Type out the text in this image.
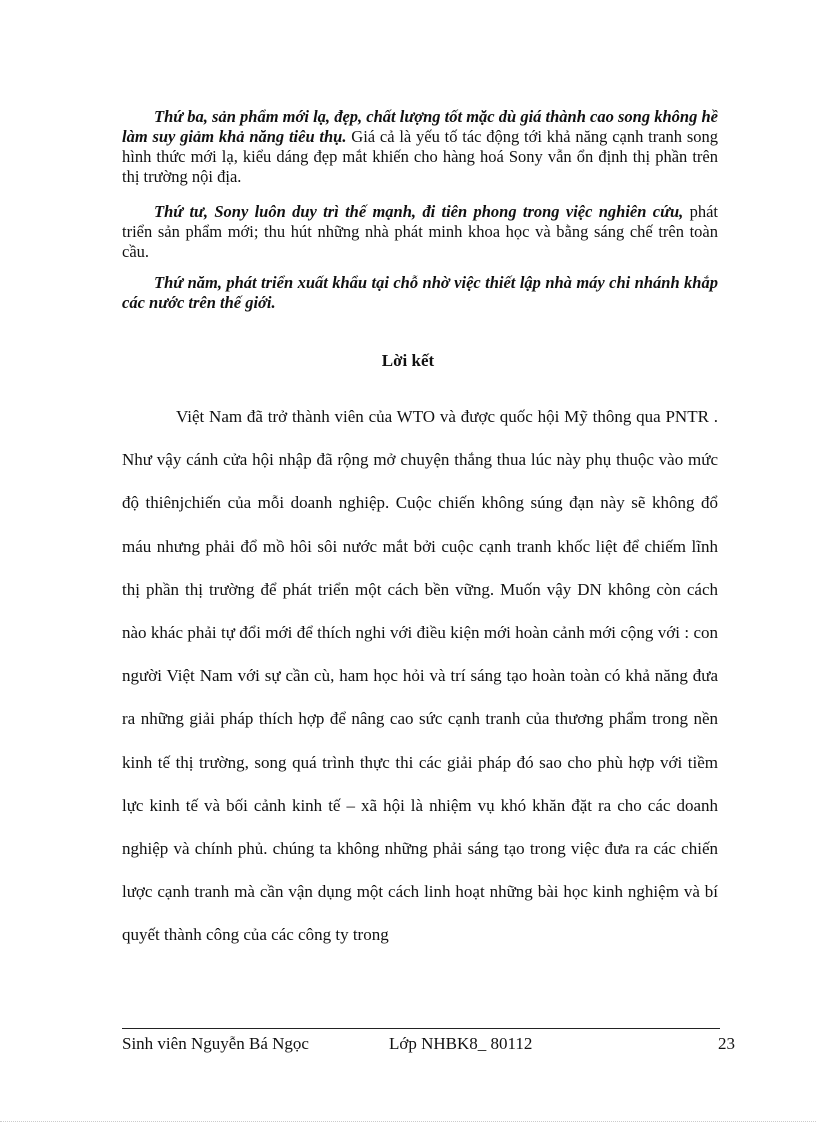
Thứ ba, sản phẩm mới lạ, đẹp, chất lượng tốt mặc dù giá thành cao song không hề làm suy giảm khả năng tiêu thụ. Giá cả là yếu tố tác động tới khả năng cạnh tranh song hình thức mới lạ, kiểu dáng đẹp mắt khiến cho hàng hoá Sony vẫn ổn định thị phần trên thị trường nội địa.

Thứ tư, Sony luôn duy trì thế mạnh, đi tiên phong trong việc nghiên cứu, phát triển sản phẩm mới; thu hút những nhà phát minh khoa học và bằng sáng chế trên toàn cầu.

Thứ năm, phát triển xuất khẩu tại chỗ nhờ việc thiết lập nhà máy chi nhánh khắp các nước trên thế giới.

Lời kết

Việt Nam đã trở thành viên của WTO và được quốc hội Mỹ thông qua PNTR . Như vậy cánh cửa hội nhập đã rộng mở chuyện thắng thua lúc này phụ thuộc vào mức độ thiênjchiến của mỗi doanh nghiệp. Cuộc chiến không súng đạn này sẽ không đổ máu nhưng phải đổ mồ hôi sôi nước mắt bởi cuộc cạnh tranh khốc liệt để chiếm lĩnh thị phần thị trường để phát triển một cách bền vững. Muốn vậy DN không còn cách nào khác phải tự đổi mới để thích nghi với điều kiện mới hoàn cảnh mới cộng với : con người Việt Nam với sự cần cù, ham học hỏi và trí sáng tạo hoàn toàn có khả năng đưa ra những giải pháp thích hợp để nâng cao sức cạnh tranh của thương phẩm trong nền kinh tế thị trường, song quá trình thực thi các giải pháp đó sao cho phù hợp với tiềm lực kinh tế và bối cảnh kinh tế – xã hội là nhiệm vụ khó khăn đặt ra cho các doanh nghiệp và chính phủ. chúng ta không những phải sáng tạo trong việc đưa ra các chiến lược cạnh tranh mà cần vận dụng một cách linh hoạt những bài học kinh nghiệm và bí quyết thành công của các công ty trong

Sinh viên Nguyễn Bá Ngọc	Lớp NHBK8_ 80112	23
